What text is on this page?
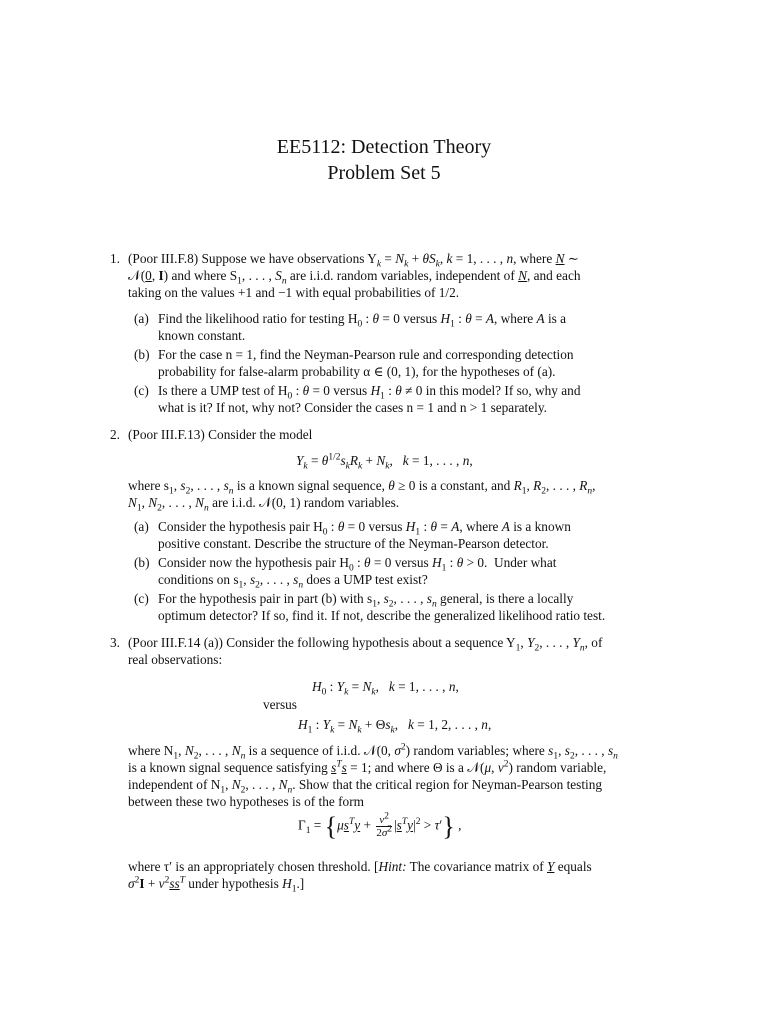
EE5112: Detection Theory
Problem Set 5
1. (Poor III.F.8) Suppose we have observations $Y_k = N_k + \theta S_k$, k = 1, . . . , n, where N ∼
𝒩(0, I) and where $S_1$, . . . , $S_n$ are i.i.d. random variables, independent of N, and each
taking on the values +1 and −1 with equal probabilities of 1/2.
(a) Find the likelihood ratio for testing $H_0$ : θ = 0 versus $H_1$ : θ = A, where A is a
known constant.
(b) For the case n = 1, find the Neyman-Pearson rule and corresponding detection
probability for false-alarm probability α ∈ (0, 1), for the hypotheses of (a).
(c) Is there a UMP test of $H_0$ : θ = 0 versus $H_1$ : θ ≠ 0 in this model? If so, why and
what is it? If not, why not? Consider the cases n = 1 and n > 1 separately.
2. (Poor III.F.13) Consider the model
$Y_k = \theta^{1/2}s_kR_k + N_k$,   k = 1, . . . , n,
where $s_1$, $s_2$, . . . , $s_n$ is a known signal sequence, θ ≥ 0 is a constant, and $R_1$, $R_2$, . . . , $R_n$,
$N_1$, $N_2$, . . . , $N_n$ are i.i.d. 𝒩(0, 1) random variables.
(a) Consider the hypothesis pair $H_0$ : θ = 0 versus $H_1$ : θ = A, where A is a known
positive constant. Describe the structure of the Neyman-Pearson detector.
(b) Consider now the hypothesis pair $H_0$ : θ = 0 versus $H_1$ : θ > 0.  Under what
conditions on $s_1$, $s_2$, . . . , $s_n$ does a UMP test exist?
(c) For the hypothesis pair in part (b) with $s_1$, $s_2$, . . . , $s_n$ general, is there a locally
optimum detector? If so, find it. If not, describe the generalized likelihood ratio test.
3. (Poor III.F.14 (a)) Consider the following hypothesis about a sequence $Y_1$, $Y_2$, . . . , $Y_n$, of
real observations:
$H_0$ : $Y_k = N_k$,   k = 1, . . . , n,
versus
$H_1$ : $Y_k = N_k + \Theta s_k$,   k = 1, 2, . . . , n,
where $N_1$, $N_2$, . . . , $N_n$ is a sequence of i.i.d. 𝒩(0, $\sigma^2$) random variables; where $s_1$, $s_2$, . . . , $s_n$
is a known signal sequence satisfying $s^Ts = 1$; and where Θ is a 𝒩(μ, $v^2$) random variable,
independent of $N_1$, $N_2$, . . . , $N_n$. Show that the critical region for Neyman-Pearson testing
between these two hypotheses is of the form
$\Gamma_1 = \{\mu s^Ty + \frac{v^2}{2\sigma^2} |s^Ty|^2 > \tau'\}$ ,
where τ′ is an appropriately chosen threshold. [Hint: The covariance matrix of Y equals
$\sigma^2I + v^2ss^T$ under hypothesis $H_1$.]
